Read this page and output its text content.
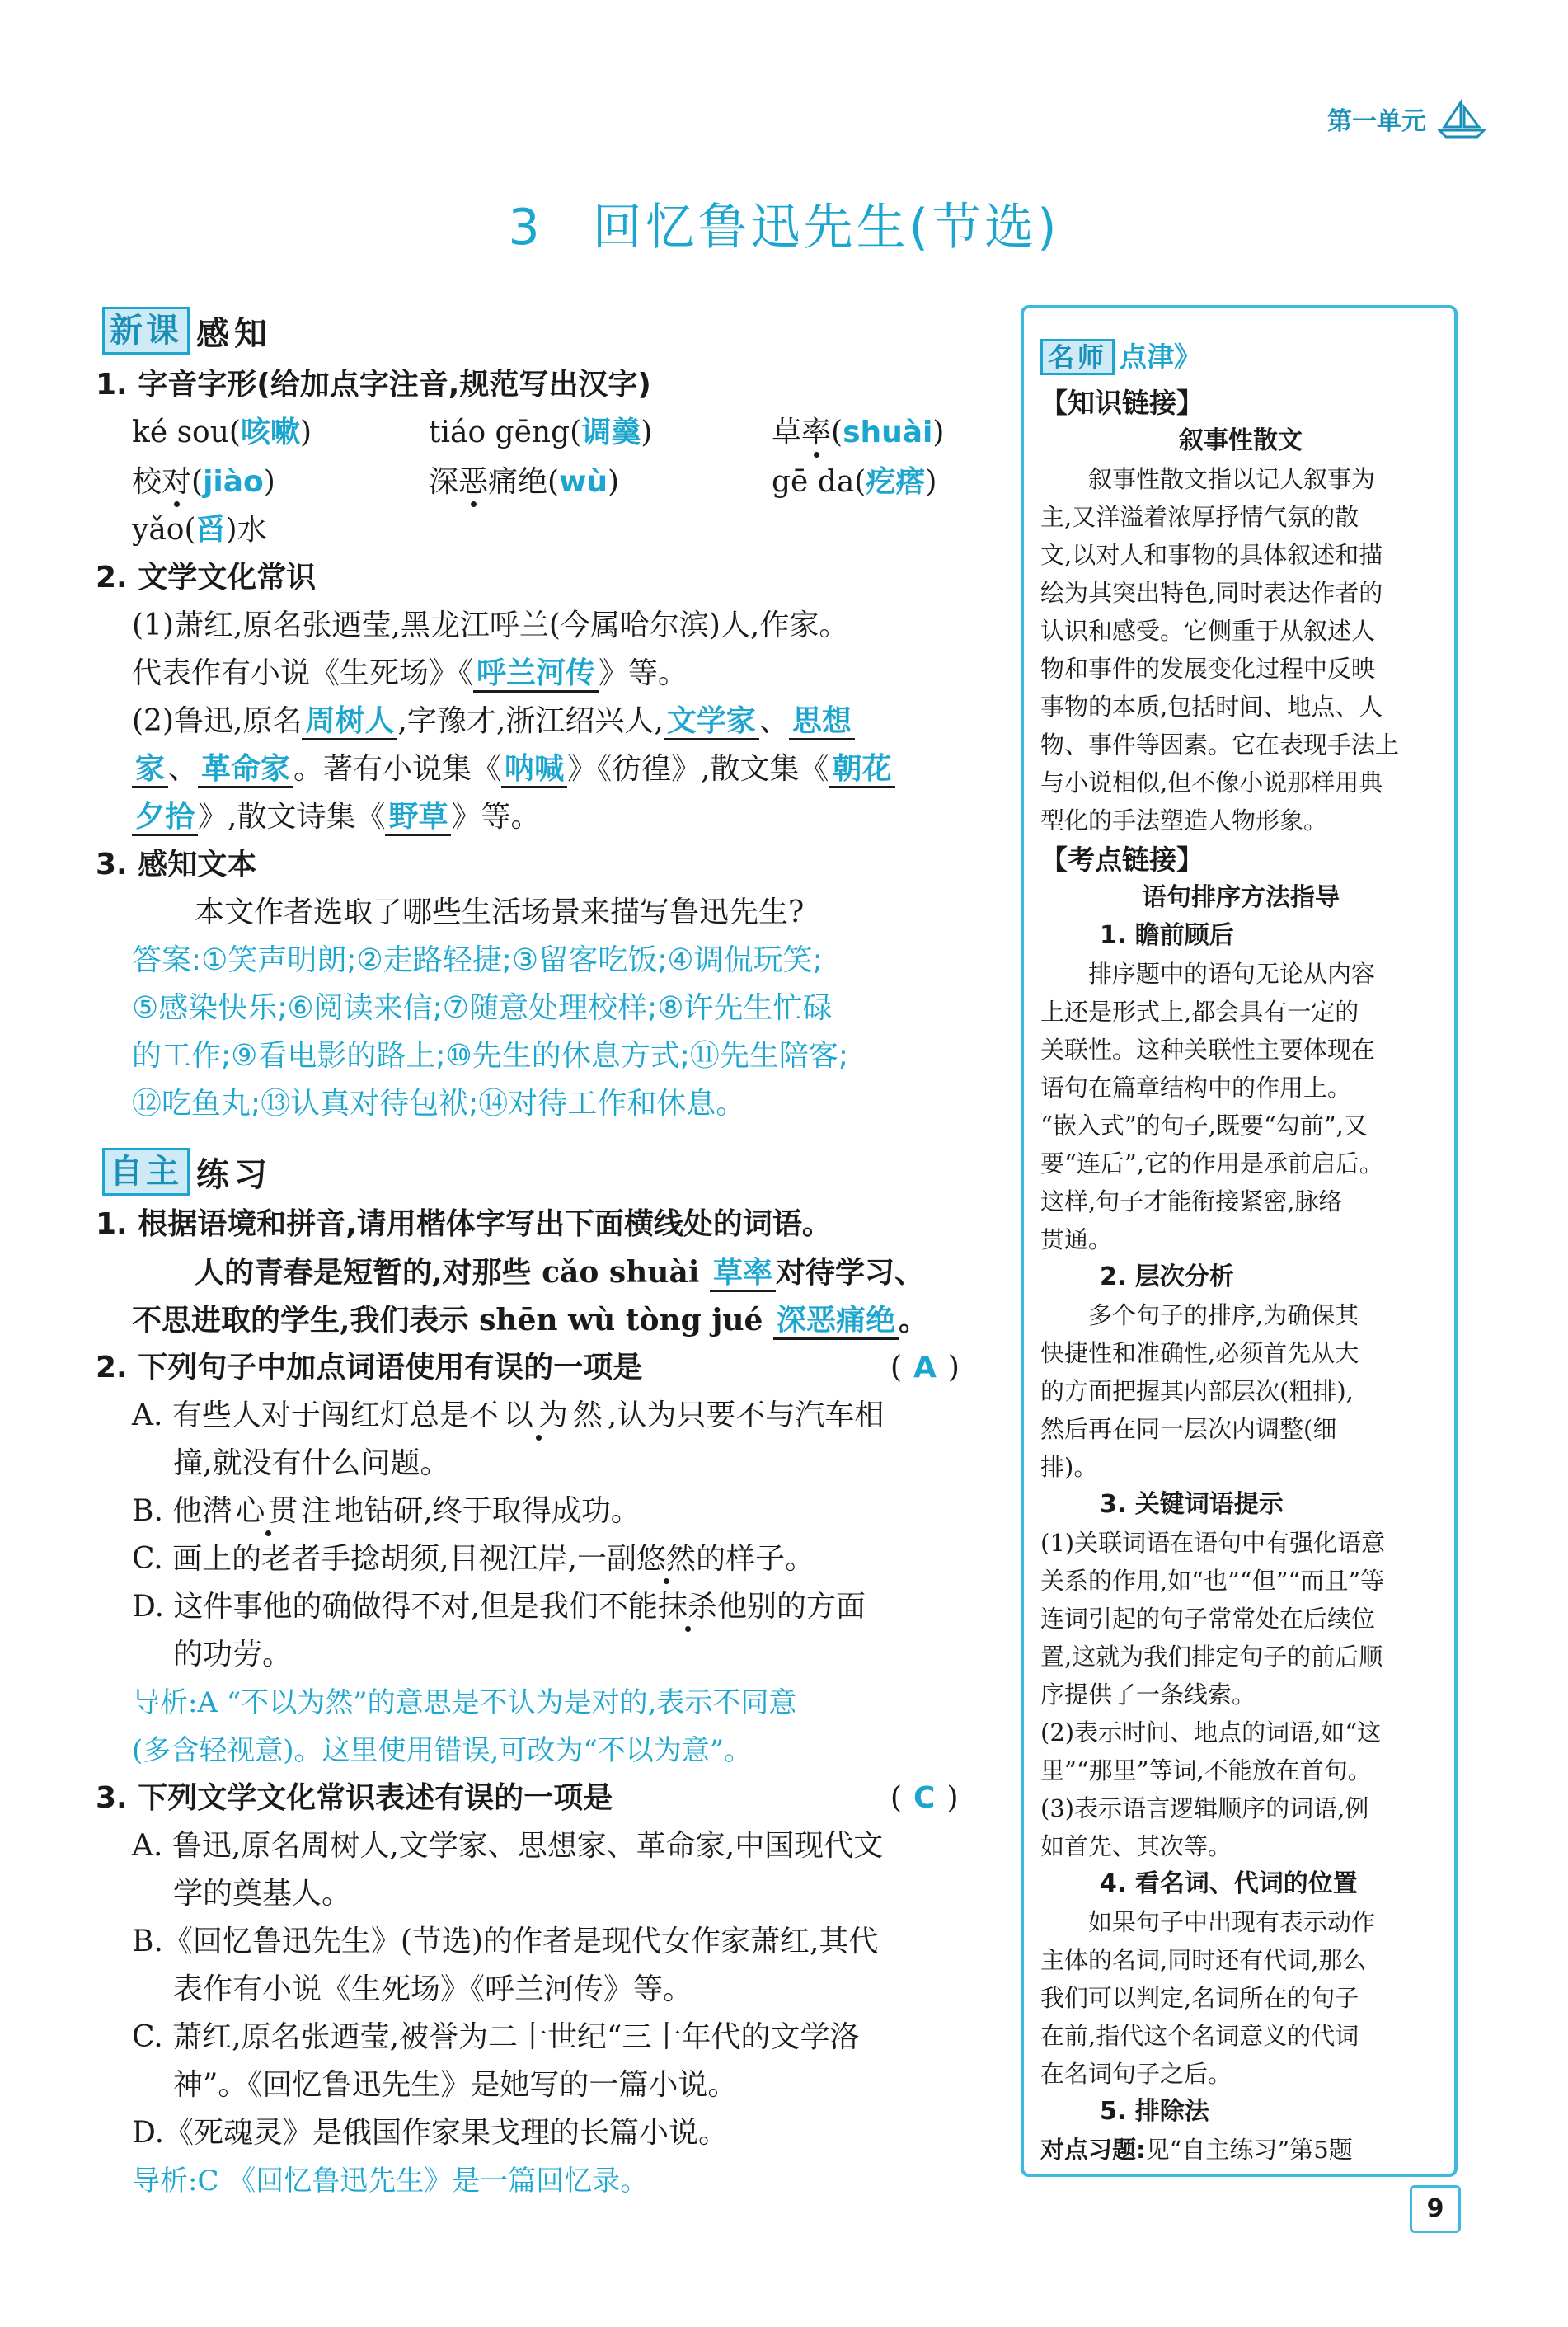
第一单元
3 回忆鲁迅先生(节选)
新课 感知
1. 字音字形(给加点字注音,规范写出汉字)
ké sou(咳嗽)	tiáo gēng(调羹)	草率(shuài)
校对(jiào)	深恶痛绝(wù)	gē da(疙瘩)
yǎo(舀)水
2. 文学文化常识
(1)萧红,原名张迺莹,黑龙江呼兰(今属哈尔滨)人,作家。
代表作有小说《生死场》《 呼兰河传 》等。
(2)鲁迅,原名 周树人 ,字豫才,浙江绍兴人, 文学家 、 思想
家 、 革命家 。著有小说集《 呐喊 》《彷徨》,散文集《 朝花
夕拾 》,散文诗集《 野草 》等。
3. 感知文本
本文作者选取了哪些生活场景来描写鲁迅先生?
答案:①笑声明朗;②走路轻捷;③留客吃饭;④调侃玩笑;
⑤感染快乐;⑥阅读来信;⑦随意处理校样;⑧许先生忙碌
的工作;⑨看电影的路上;⑩先生的休息方式;⑪先生陪客;
⑫吃鱼丸;⑬认真对待包袱;⑭对待工作和休息。
自主 练习
1. 根据语境和拼音,请用楷体字写出下面横线处的词语。
人的青春是短暂的,对那些 cǎo shuài 草率 对待学习、
不思进取的学生,我们表示 shēn wù tòng jué 深恶痛绝 。
2. 下列句子中加点词语使用有误的一项是	( A )
A. 有些人对于闯红灯总是不以为然,认为只要不与汽车相
撞,就没有什么问题。
B. 他潜心贯注地钻研,终于取得成功。
C. 画上的老者手捻胡须,目视江岸,一副悠然的样子。
D. 这件事他的确做得不对,但是我们不能抹杀他别的方面
的功劳。
导析:A “不以为然”的意思是不认为是对的,表示不同意
(多含轻视意)。这里使用错误,可改为“不以为意”。
3. 下列文学文化常识表述有误的一项是	( C )
A. 鲁迅,原名周树人,文学家、思想家、革命家,中国现代文
学的奠基人。
B.《回忆鲁迅先生》(节选)的作者是现代女作家萧红,其代
表作有小说《生死场》《呼兰河传》等。
C. 萧红,原名张迺莹,被誉为二十世纪“三十年代的文学洛
神”。《回忆鲁迅先生》是她写的一篇小说。
D.《死魂灵》是俄国作家果戈理的长篇小说。
导析:C 《回忆鲁迅先生》是一篇回忆录。
名师 点津》
【知识链接】
叙事性散文
叙事性散文指以记人叙事为
主,又洋溢着浓厚抒情气氛的散
文,以对人和事物的具体叙述和描
绘为其突出特色,同时表达作者的
认识和感受。它侧重于从叙述人
物和事件的发展变化过程中反映
事物的本质,包括时间、地点、人
物、事件等因素。它在表现手法上
与小说相似,但不像小说那样用典
型化的手法塑造人物形象。
【考点链接】
语句排序方法指导
1. 瞻前顾后
排序题中的语句无论从内容
上还是形式上,都会具有一定的
关联性。这种关联性主要体现在
语句在篇章结构中的作用上。
“嵌入式”的句子,既要“勾前”,又
要“连后”,它的作用是承前启后。
这样,句子才能衔接紧密,脉络
贯通。
2. 层次分析
多个句子的排序,为确保其
快捷性和准确性,必须首先从大
的方面把握其内部层次(粗排),
然后再在同一层次内调整(细
排)。
3. 关键词语提示
(1)关联词语在语句中有强化语意
关系的作用,如“也”“但”“而且”等
连词引起的句子常常处在后续位
置,这就为我们排定句子的前后顺
序提供了一条线索。
(2)表示时间、地点的词语,如“这
里”“那里”等词,不能放在首句。
(3)表示语言逻辑顺序的词语,例
如首先、其次等。
4. 看名词、代词的位置
如果句子中出现有表示动作
主体的名词,同时还有代词,那么
我们可以判定,名词所在的句子
在前,指代这个名词意义的代词
在名词句子之后。
5. 排除法
对点习题:见“自主练习”第5题
9
